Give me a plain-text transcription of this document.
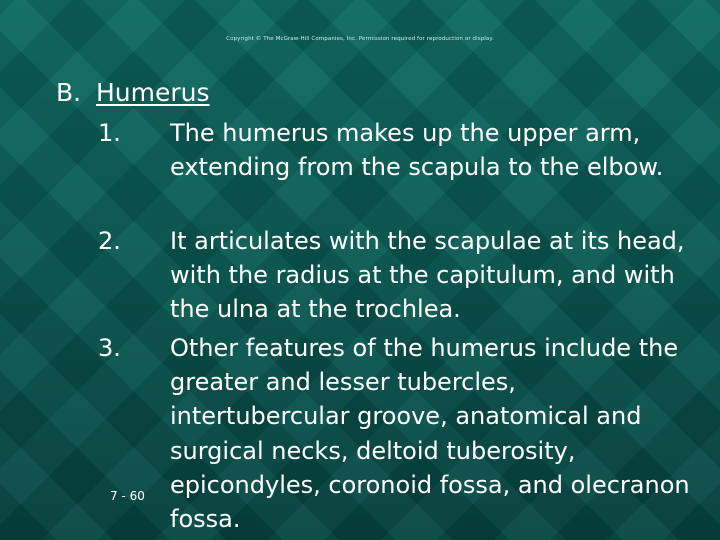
Copyright © The McGraw-Hill Companies, Inc. Permission required for reproduction or display.
B. Humerus
1.	The humerus makes up the upper arm, extending from the scapula to the elbow.
2.	It articulates with the scapulae at its head, with the radius at the capitulum, and with the ulna at the trochlea.
3.	Other features of the humerus include the greater and lesser tubercles, intertubercular groove, anatomical and surgical necks, deltoid tuberosity, epicondyles, coronoid fossa, and olecranon fossa.
7 - 60
